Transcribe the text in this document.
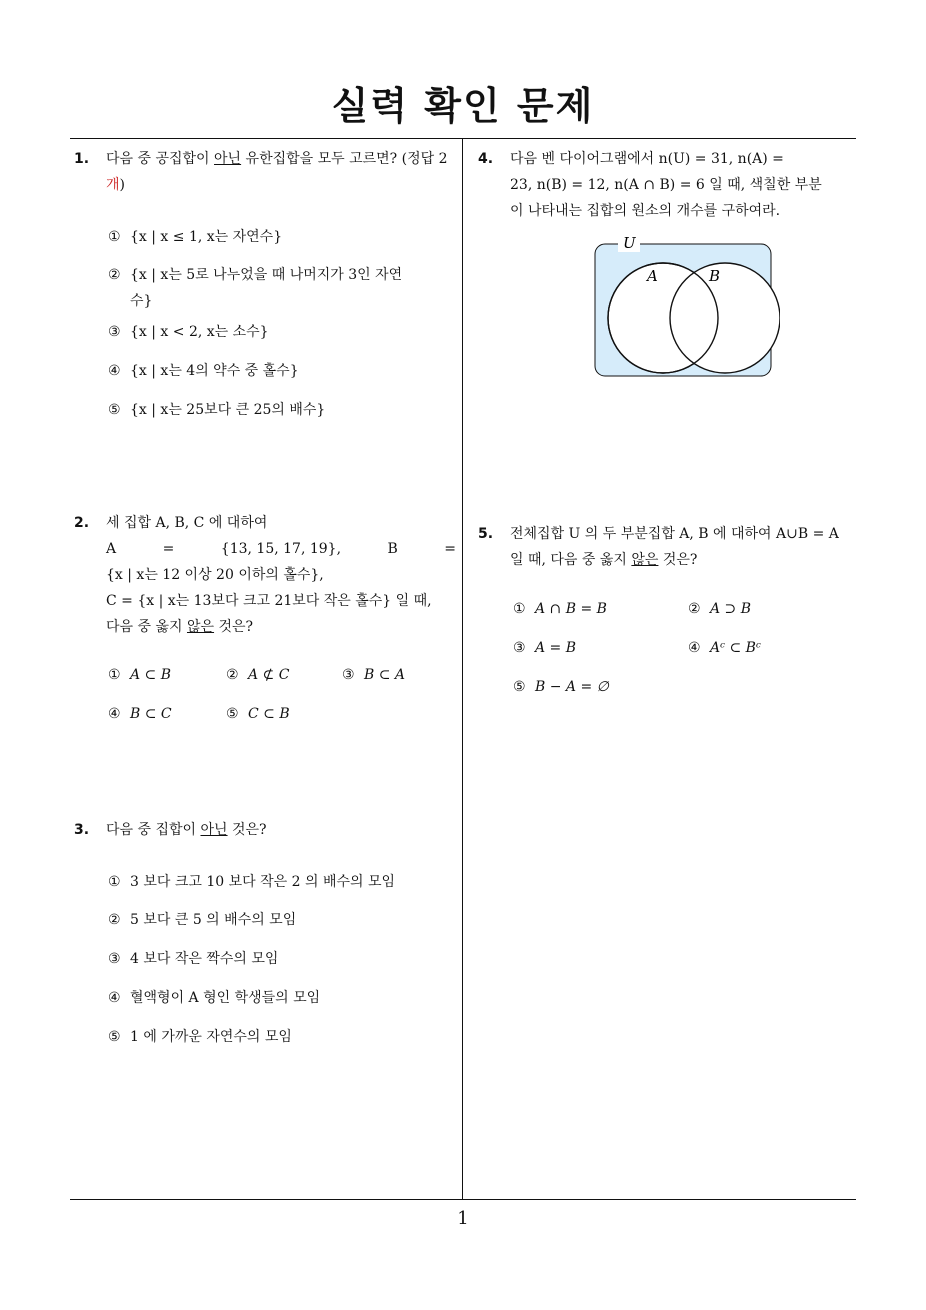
실력 확인 문제
1.	다음 중 공집합이 아닌 유한집합을 모두 고르면? (정답 2개)
① {x | x ≤ 1, x는 자연수}
② {x | x는 5로 나누었을 때 나머지가 3인 자연
수}
③ {x | x < 2, x는 소수}
④ {x | x는 4의 약수 중 홀수}
⑤ {x | x는 25보다 큰 25의 배수}
2.	세 집합 A, B, C 에 대하여
A	=	{13, 15, 17, 19},	B	=
{x | x는 12 이상 20 이하의 홀수},
C = {x | x는 13보다 크고 21보다 작은 홀수} 일 때,
다음 중 옳지 않은 것은?
① A ⊂ B	② A ⊄ C	③ B ⊂ A
④ B ⊂ C	⑤ C ⊂ B
3.	다음 중 집합이 아닌 것은?
① 3 보다 크고 10 보다 작은 2 의 배수의 모임
② 5 보다 큰 5 의 배수의 모임
③ 4 보다 작은 짝수의 모임
④ 혈액형이 A 형인 학생들의 모임
⑤ 1 에 가까운 자연수의 모임
4.	다음 벤 다이어그램에서 n(U) = 31, n(A) =
23, n(B) = 12, n(A ∩ B) = 6 일 때, 색칠한 부분
이 나타내는 집합의 원소의 개수를 구하여라.
U
A	B
5.	전체집합 U 의 두 부분집합 A, B 에 대하여 A∪B = A
일 때, 다음 중 옳지 않은 것은?
① A ∩ B = B	② A ⊃ B
③ A = B	④ Aᶜ ⊂ Bᶜ
⑤ B − A = ∅
1
